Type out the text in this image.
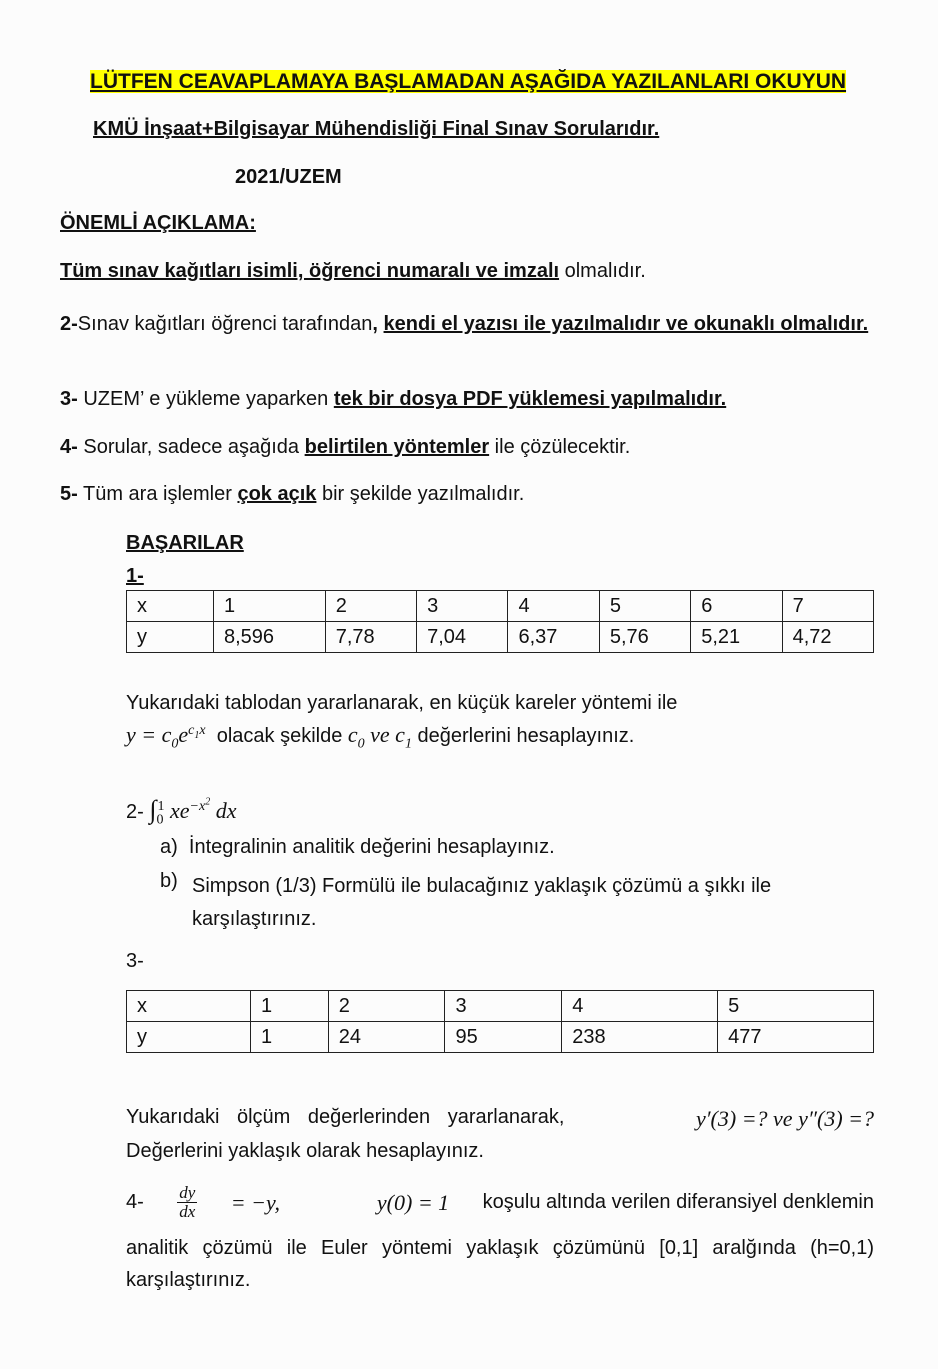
LÜTFEN CEAVAPLAMAYA BAŞLAMADAN AŞAĞIDA YAZILANLARI OKUYUN
KMÜ İnşaat+Bilgisayar Mühendisliği Final Sınav Sorularıdır.
2021/UZEM
ÖNEMLİ AÇIKLAMA:
Tüm sınav kağıtları isimli, öğrenci numaralı ve imzalı olmalıdır.
2-Sınav kağıtları öğrenci tarafından, kendi el yazısı ile yazılmalıdır ve okunaklı olmalıdır.
3- UZEM’ e yükleme yaparken tek bir dosya PDF yüklemesi yapılmalıdır.
4- Sorular, sadece aşağıda belirtilen yöntemler ile çözülecektir.
5- Tüm ara işlemler çok açık bir şekilde yazılmalıdır.
BAŞARILAR
1-
x	1	2	3	4	5	6	7
y	8,596	7,78	7,04	6,37	5,76	5,21	4,72
Yukarıdaki tablodan yararlanarak, en küçük kareler yöntemi ile
$y = c_0e^{c_1x}$ olacak şekilde $c_0$ ve $c_1$ değerlerini hesaplayınız.
2- $\int_0^1$ $xe^{-x^2}$ dx
a) İntegralinin analitik değerini hesaplayınız.
b) Simpson (1/3) Formülü ile bulacağınız yaklaşık çözümü a şıkkı ile karşılaştırınız.
3-
x	1	2	3	4	5
y	1	24	95	238	477
Yukarıdaki ölçüm değerlerinden yararlanarak,	y′(3) =? ve y″(3) =?
Değerlerini yaklaşık olarak hesaplayınız.
$4- \frac{dy}{dx} = -y$,	y(0) = 1 koşulu altında verilen diferansiyel denklemin
analitik çözümü ile Euler yöntemi yaklaşık çözümünü [0,1] aralğında (h=0,1) karşılaştırınız.
